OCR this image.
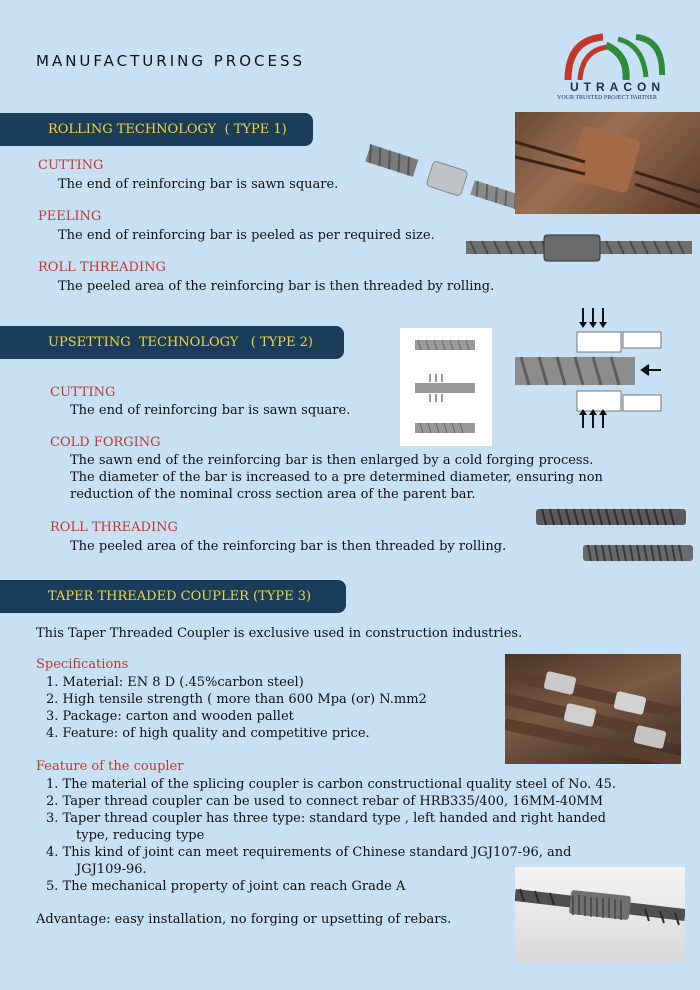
MANUFACTURING PROCESS
UTRACON
YOUR TRUSTED PROJECT PARTNER
ROLLING TECHNOLOGY  ( TYPE 1)
CUTTING
The end of reinforcing bar is sawn square.
PEELING
The end of reinforcing bar is peeled as per required size.
ROLL THREADING
The peeled area of the reinforcing bar is then threaded by rolling.
UPSETTING  TECHNOLOGY   ( TYPE 2)
CUTTING
The end of reinforcing bar is sawn square.
COLD FORGING
The sawn end of the reinforcing bar is then enlarged by a cold forging process.
The diameter of the bar is increased to a pre determined diameter, ensuring non
reduction of the nominal cross section area of the parent bar.
ROLL THREADING
The peeled area of the reinforcing bar is then threaded by rolling.
TAPER THREADED COUPLER (TYPE 3)
This Taper Threaded Coupler is exclusive used in construction industries.
Specifications
1. Material: EN 8 D (.45%carbon steel)
2. High tensile strength ( more than 600 Mpa (or) N.mm2
3. Package: carton and wooden pallet
4. Feature: of high quality and competitive price.
Feature of the coupler
1. The material of the splicing coupler is carbon constructional quality steel of No. 45.
2. Taper thread coupler can be used to connect rebar of HRB335/400, 16MM-40MM
3. Taper thread coupler has three type: standard type , left handed and right handed
type, reducing type
4. This kind of joint can meet requirements of Chinese standard JGJ107-96, and
JGJ109-96.
5. The mechanical property of joint can reach Grade A
Advantage: easy installation, no forging or upsetting of rebars.
